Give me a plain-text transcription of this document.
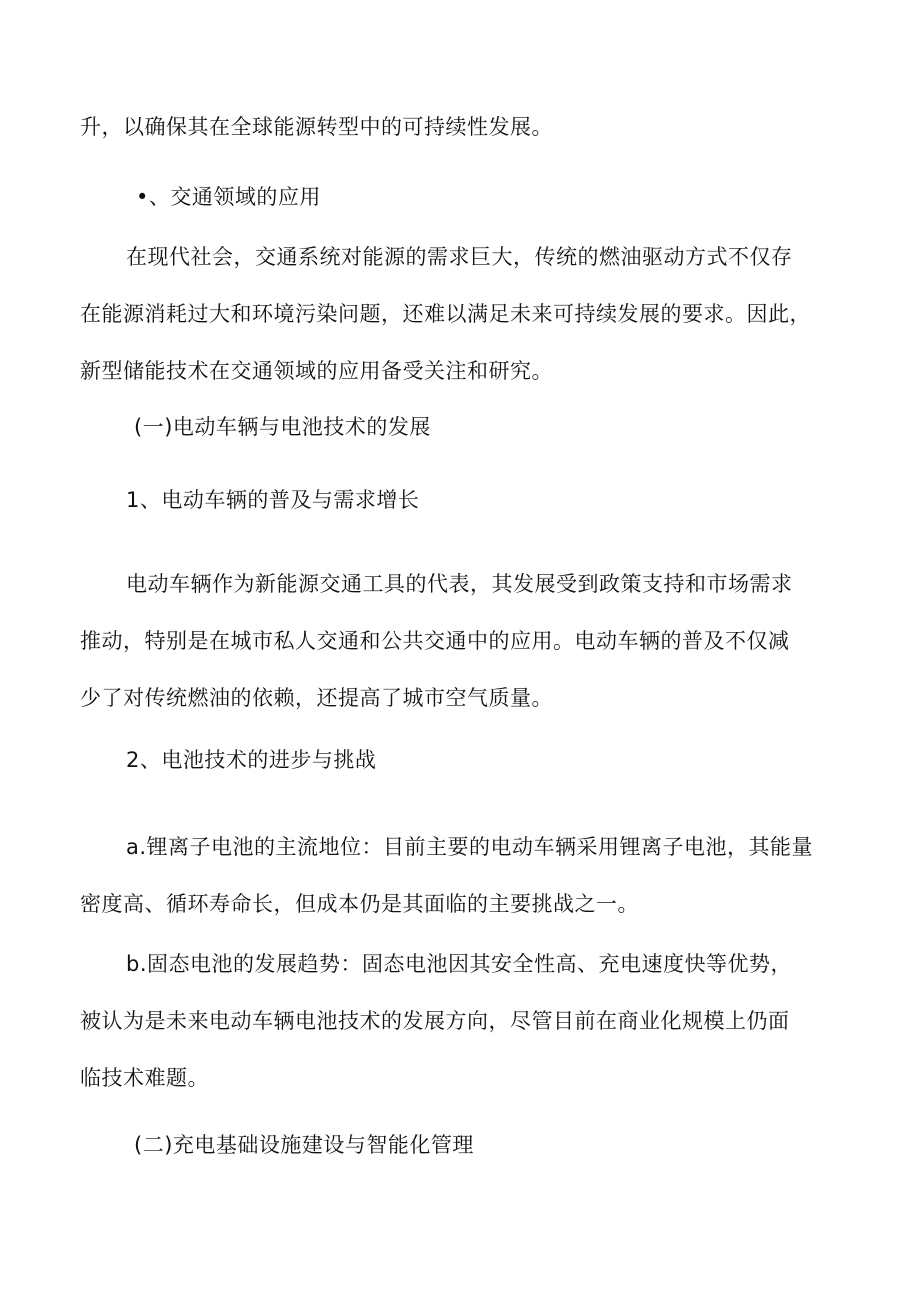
升，以确保其在全球能源转型中的可持续性发展。

•、交通领域的应用

在现代社会，交通系统对能源的需求巨大，传统的燃油驱动方式不仅存
在能源消耗过大和环境污染问题，还难以满足未来可持续发展的要求。因此，
新型储能技术在交通领域的应用备受关注和研究。

(一)电动车辆与电池技术的发展

1、电动车辆的普及与需求增长

电动车辆作为新能源交通工具的代表，其发展受到政策支持和市场需求
推动，特别是在城市私人交通和公共交通中的应用。电动车辆的普及不仅减
少了对传统燃油的依赖，还提高了城市空气质量。

2、电池技术的进步与挑战

a.锂离子电池的主流地位：目前主要的电动车辆采用锂离子电池，其能量
密度高、循环寿命长，但成本仍是其面临的主要挑战之一。
b.固态电池的发展趋势：固态电池因其安全性高、充电速度快等优势，
被认为是未来电动车辆电池技术的发展方向，尽管目前在商业化规模上仍面
临技术难题。

(二)充电基础设施建设与智能化管理
